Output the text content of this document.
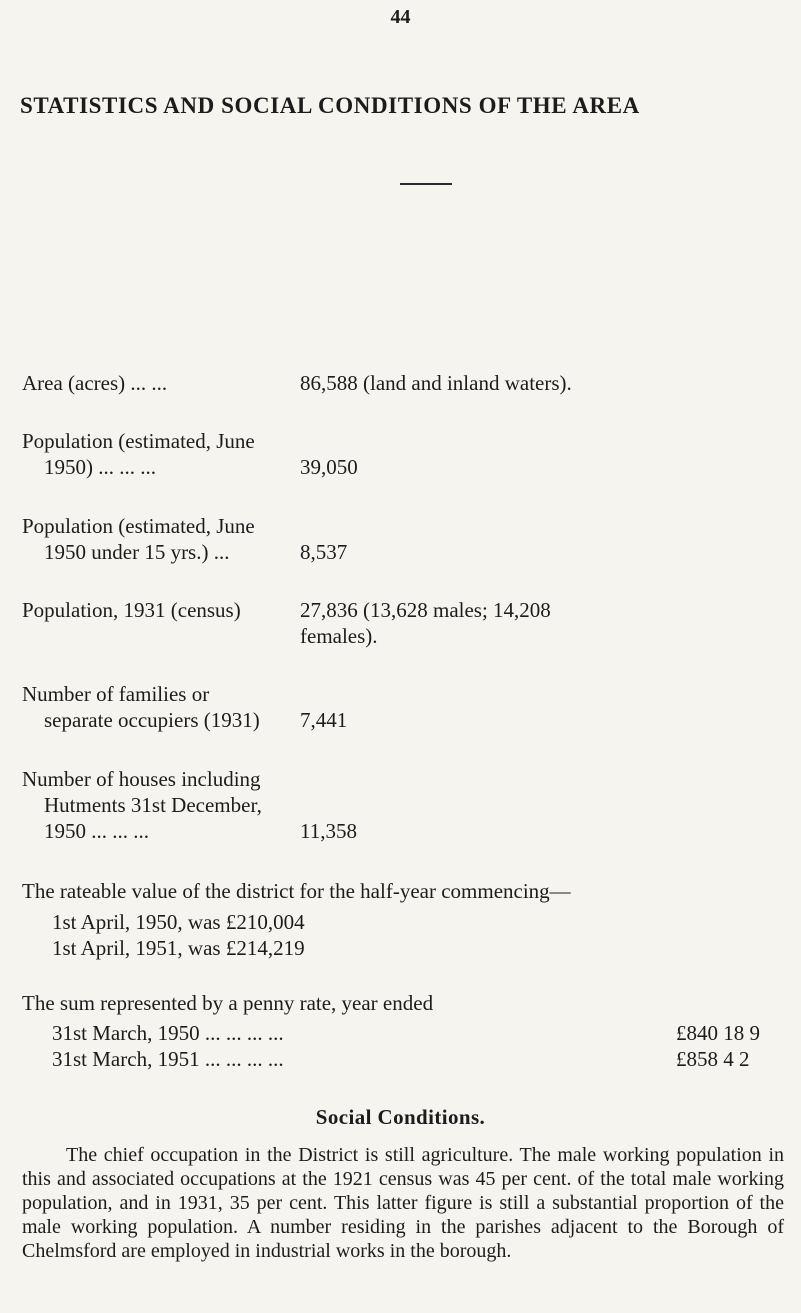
44
STATISTICS AND SOCIAL CONDITIONS OF THE AREA
Area (acres) ... ...	86,588 (land and inland waters).
Population (estimated, June
1950) ... ... ...	39,050
Population (estimated, June
1950 under 15 yrs.) ...	8,537
Population, 1931 (census)	27,836 (13,628 males; 14,208
females).
Number of families or
separate occupiers (1931) 7,441
Number of houses including
Hutments 31st December,
1950 ... ... ...	11,358
The rateable value of the district for the half-year commencing—
1st April, 1950, was £210,004
1st April, 1951, was £214,219
The sum represented by a penny rate, year ended
31st March, 1950 ... ... ... ...	£840 18 9
31st March, 1951 ... ... ... ...	£858 4 2
Social Conditions.

The chief occupation in the District is still agriculture. The male working population in this and associated occupations at the 1921 census was 45 per cent. of the total male working population, and in 1931, 35 per cent. This latter figure is still a substantial proportion of the male working population. A number residing in the parishes adjacent to the Borough of Chelmsford are employed in industrial works in the borough.
